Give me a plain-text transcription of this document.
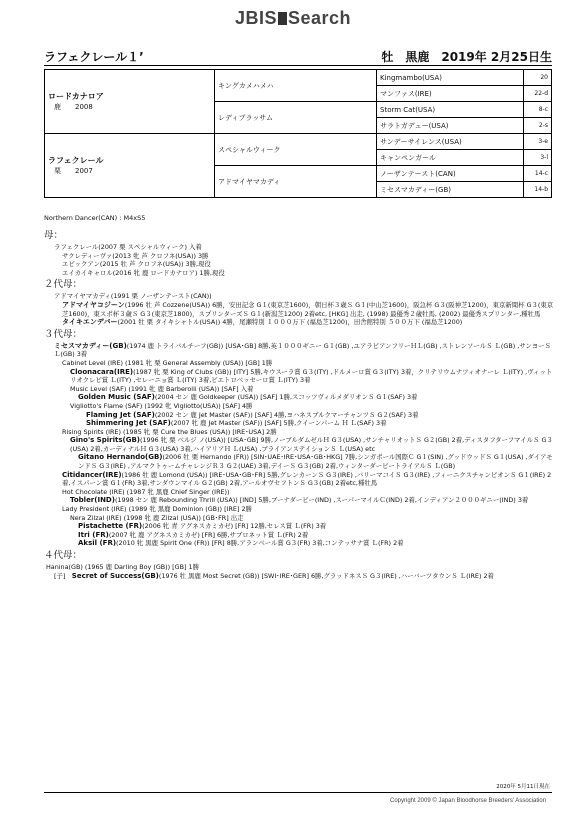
JBIS Search
ラフェクレール１’	牡　黒鹿　2019年 2月25日生
ロードカナロア
鹿　　2008	キングカメハメハ	Kingmambo(USA)	20
		マンファス(IRE)	22-d
	レディブラッサム	Storm Cat(USA)	8-c
		サラトガデュー(USA)	2-s

ラフェクレール
栗　　2007	スペシャルウィーク	サンデーサイレンス(USA)	3-e
		キャンペンガール	3-l
	アドマイヤマカディ	ノーザンテースト(CAN)	14-c
		ミセスマカディー(GB)	14-b
Northern Dancer(CAN) : M4xS5
母：
ラフェクレール(2007 栗 スペシャルウィーク) 入着
サクレディーヴァ(2013 牝 芦 クロフネ(USA)) 3勝
エピックアン(2015 牡 芦 クロフネ(USA)) 3勝,現役
エイカイキャロル(2016 牝 鹿 ロードカナロア) 1勝,現役
２代母：
アドマイヤマカディ(1991 栗 ノーザンテースト(CAN))
アドマイヤコジーン(1996 牡 芦 Cozzene(USA)) 6勝，安田記念 G１(東京芝1600)，朝日杯３歳Ｓ G１(中山芝1600)，阪急杯 G３(阪神芝1200)，東京新聞杯 G３(東京芝1600)，東スポ杯３歳Ｓ G３(東京芝1800)，スプリンターズＳ G１(新潟芝1200) 2着etc, [HKG] 出走, (1998) 最優秀２歳牡馬, (2002) 最優秀スプリンター,種牡馬
タイキエンデバー(2001 牡 栗 タイキシャトル(USA)) 4勝，尾瀬特別 １０００万下 (福島芝1200)，田舎館特別 ５００万下 (福島芝1200)
３代母：
ミセスマカディー(GB)(1974 鹿 トライバルチーフ(GB)) [USA･GB] 8勝,英１０００ギニー G１(GB) ,ユアラビアンフリーＨＬ(GB) ,ストレンソールＳ Ｌ(GB) ,サンヨーＳ Ｌ(GB) 3着
Cabinet Level (IRE) (1981 牝 栗 General Assembly (USA)) [GB] 1勝
Cloonacara(IRE)(1987 牝 栗 King of Clubs (GB)) [ITY] 5勝,キウスーラ賞 G３(ITY) ,ドルメーロ賞 G３(ITY) 3着，クリテリウムナツィオナーレ Ｌ(ITY) ,ヴィットリオクレピ賞 Ｌ(ITY) ,セレーニョ賞 Ｌ(ITY) 3着,ビエトロベッセーロ賞 Ｌ(ITY) 3着
Music Level (SAF) (1991 牝 鹿 Barberolli (USA)) [SAF] 入着
Golden Music (SAF)(2004 セン 鹿 Goldkeeper (USA)) [SAF] 1勝,スコッツヴィルメダリオンＳ G１(SAF) 3着
Vigliotto's Flame (SAF) (1992 牝 Vigliotto(USA)) [SAF] 4勝
Flaming Jet (SAF)(2002 セン 鹿 Jet Master (SAF)) [SAF] 4勝,ヨハネスブルクマーチャンツＳ G２(SAF) 3着
Shimmering Jet (SAF)(2007 牝 鹿 Jet Master (SAF)) [SAF] 5勝,クイーンパーム Ｈ Ｌ(SAF) 3着
Rising Spirits (IRE) (1985 牝 栗 Cure the Blues (USA)) [IRE･USA] 2勝
Gino's Spirits(GB)(1996 牝 栗 ベルジ ノ(USA)) [USA･GB] 9勝,ノーブルダムゼルＨ G３(USA) ,サンチャリオットＳ G２(GB) 2着,ディスタフターフマイルＳ G３(USA) 2着,カーディナルＨ G３(USA) 3着,ハイアリアＨ Ｌ(USA) ,ブライアンステイションＳ Ｌ(USA) etc
Gitano Hernando(GB)(2006 牡 栗 Hernando (FR)) [SIN･UAE･IRE･USA･GB･HKG] 7勝,シンガポール国際Ｃ G１(SIN) ,グッドウッドＳ G１(USA) ,ダイアモンドＳ G３(IRE) ,アルマクトゥームチャレンジＲ３ G２(UAE) 3着,デイーＳ G３(GB) 2着,ウィンターダービートライアルＳ Ｌ(GB)
Citidancer(IRE)(1986 牡 鹿 Lomond (USA)) [IRE･USA･GB･FR] 5勝,グレンカーンＳ G３(IRE) ,バリーマコイＳ G３(IRE) ,フィーニクスチャンピオンＳ G１(IRE) 2着,イスパーン賞 G１(FR) 3着,サンダウンマイル G２(GB) 2着,アールオヴセフトンＳ G３(GB) 2着etc,種牡馬
Hot Chocolate (IRE) (1987 牝 黒鹿 Chief Singer (IRE))
Tobler(IND)(1998 セン 鹿 Rebounding Thrill (USA)) [IND] 5勝,ブーナダービー(IND) ,スーパーマイルＣ(IND) 2着,インディアン２０００ギニー(IND) 3着
Lady President (IRE) (1989 牝 黒鹿 Dominion (GB)) [IRE] 2勝
Nera Zilzal (IRE) (1998 牝 鹿 Zilzal (USA)) [GB･FR] 出走
Pistachette (FR)(2006 牝 青 アグネスカミカゼ) [FR] 12勝,セレス賞 Ｌ(FR) 3着
Itri (FR)(2007 牝 鹿 アグネスカミカゼ) [FR] 6勝,サブロネット賞 Ｌ(FR) 2着
Aksil (FR)(2010 牝 黒鹿 Spirit One (FR)) [FR] 8勝,アランベール賞 G３(FR) 3着,コンテッサナ賞 Ｌ(FR) 2着
４代母：
Hanina(GB) (1965 鹿 Darling Boy (GB)) [GB] 1勝
[子]　Secret of Success(GB)(1976 牡 黒鹿 Most Secret (GB)) [SWI･IRE･GER] 6勝,グラッドネスＳ G３(IRE) ,ハーバーツタウンＳ Ｌ(IRE) 2着
2020年 5月11日現在
Copyright 2009 © Japan Bloodhorse Breeders' Association
